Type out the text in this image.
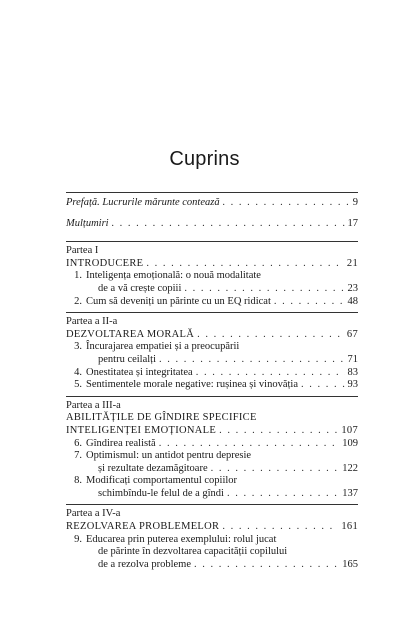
Cuprins
Prefață. Lucrurile mărunte contează . . .	9
Mulțumiri . . .	17
Partea I
INTRODUCERE . . .	21
1. Inteligența emoțională: o nouă modalitate
de a vă crește copiii . . .	23
2. Cum să deveniți un părinte cu un EQ ridicat . . .	48
Partea a II-a
DEZVOLTAREA MORALĂ . . .	67
3. Încurajarea empatiei și a preocupării
pentru ceilalți . . .	71
4. Onestitatea și integritatea . . .	83
5. Sentimentele morale negative: rușinea și vinovăția . . .	93
Partea a III-a
ABILITĂȚILE DE GÎNDIRE SPECIFICE
INTELIGENȚEI EMOȚIONALE . . .	107
6. Gîndirea realistă . . .	109
7. Optimismul: un antidot pentru depresie
și rezultate dezamăgitoare . . .	122
8. Modificați comportamentul copiilor
schimbîndu-le felul de a gîndi . . .	137
Partea a IV-a
REZOLVAREA PROBLEMELOR . . .	161
9. Educarea prin puterea exemplului: rolul jucat
de părinte în dezvoltarea capacității copilului
de a rezolva probleme . . .	165
